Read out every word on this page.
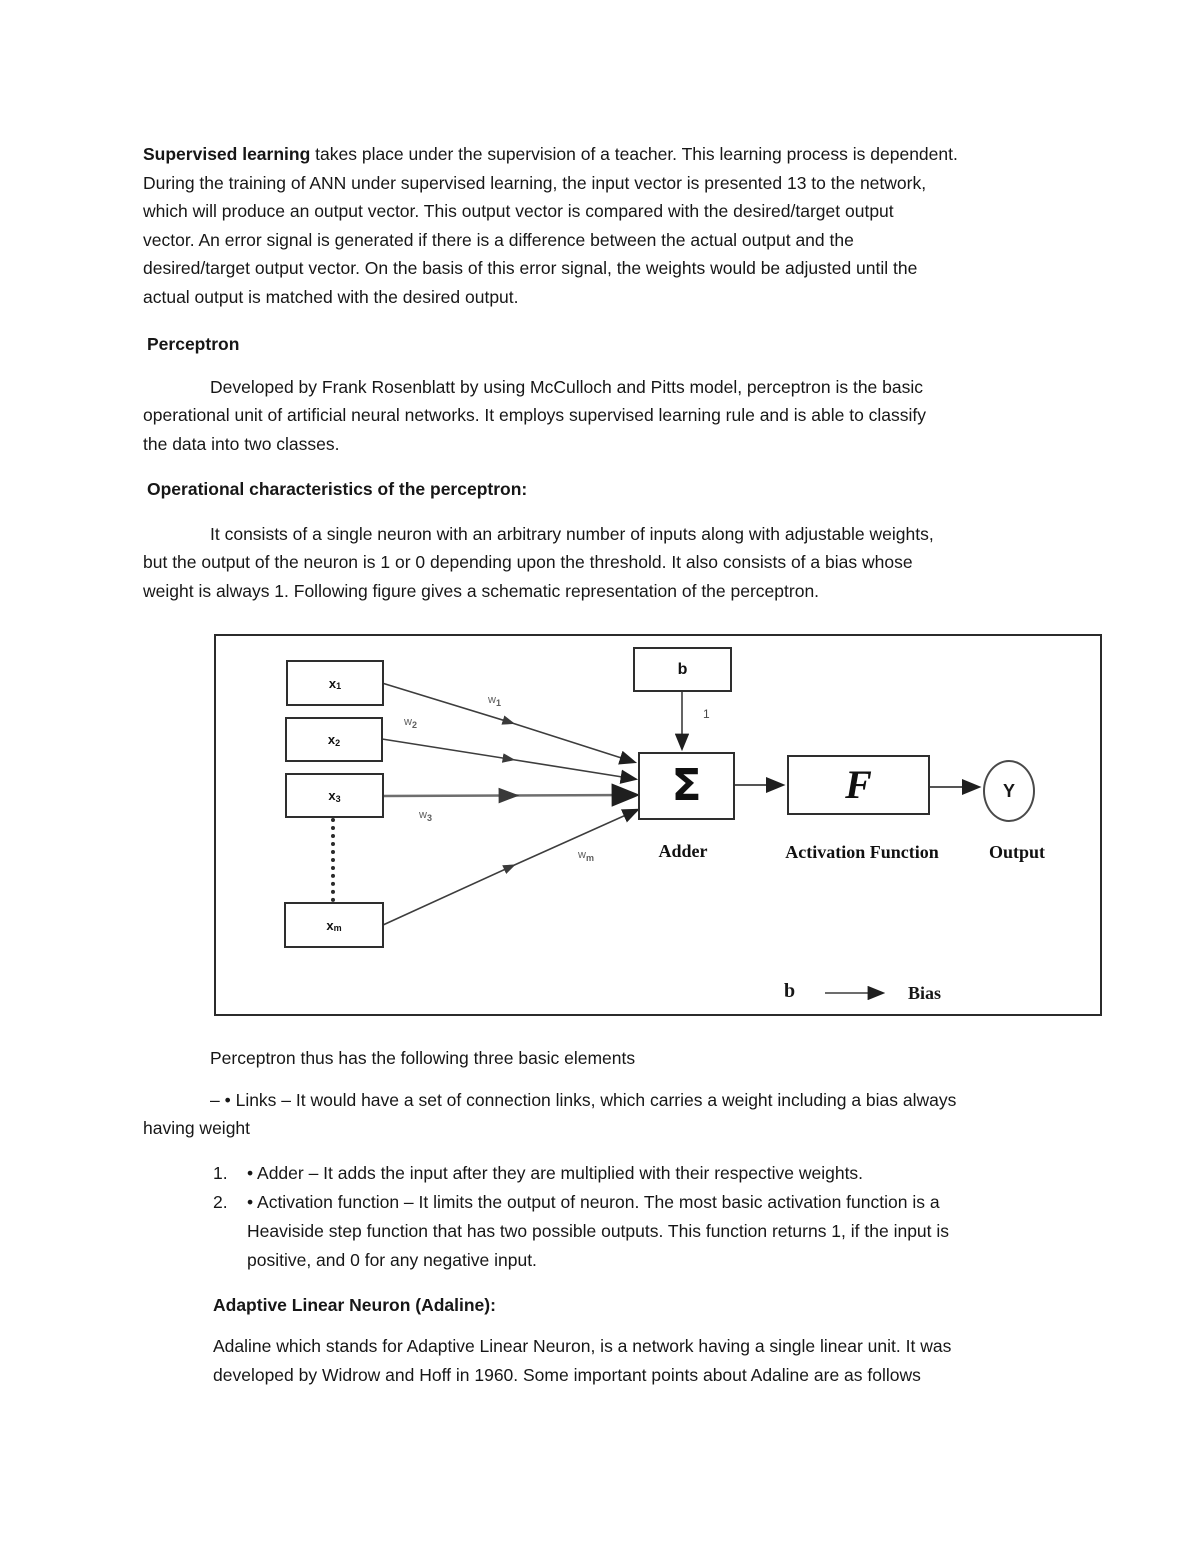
Supervised learning takes place under the supervision of a teacher. This learning process is dependent.
During the training of ANN under supervised learning, the input vector is presented 13 to the network,
which will produce an output vector. This output vector is compared with the desired/target output
vector. An error signal is generated if there is a difference between the actual output and the
desired/target output vector. On the basis of this error signal, the weights would be adjusted until the
actual output is matched with the desired output.

Perceptron

Developed by Frank Rosenblatt by using McCulloch and Pitts model, perceptron is the basic
operational unit of artificial neural networks. It employs supervised learning rule and is able to classify
the data into two classes.

Operational characteristics of the perceptron:

It consists of a single neuron with an arbitrary number of inputs along with adjustable weights,
but the output of the neuron is 1 or 0 depending upon the threshold. It also consists of a bias whose
weight is always 1. Following figure gives a schematic representation of the perceptron.

x 1
x 2
x 3
x m
b
1
$w_1$
$w_2$
$w_3$
$w_m$
Σ
Adder
F
Activation Function
Y
Output
b	Bias

Perceptron thus has the following three basic elements

– • Links – It would have a set of connection links, which carries a weight including a bias always
having weight

1.	• Adder – It adds the input after they are multiplied with their respective weights.
2.	• Activation function – It limits the output of neuron. The most basic activation function is a
Heaviside step function that has two possible outputs. This function returns 1, if the input is
positive, and 0 for any negative input.

Adaptive Linear Neuron (Adaline):

Adaline which stands for Adaptive Linear Neuron, is a network having a single linear unit. It was
developed by Widrow and Hoff in 1960. Some important points about Adaline are as follows
